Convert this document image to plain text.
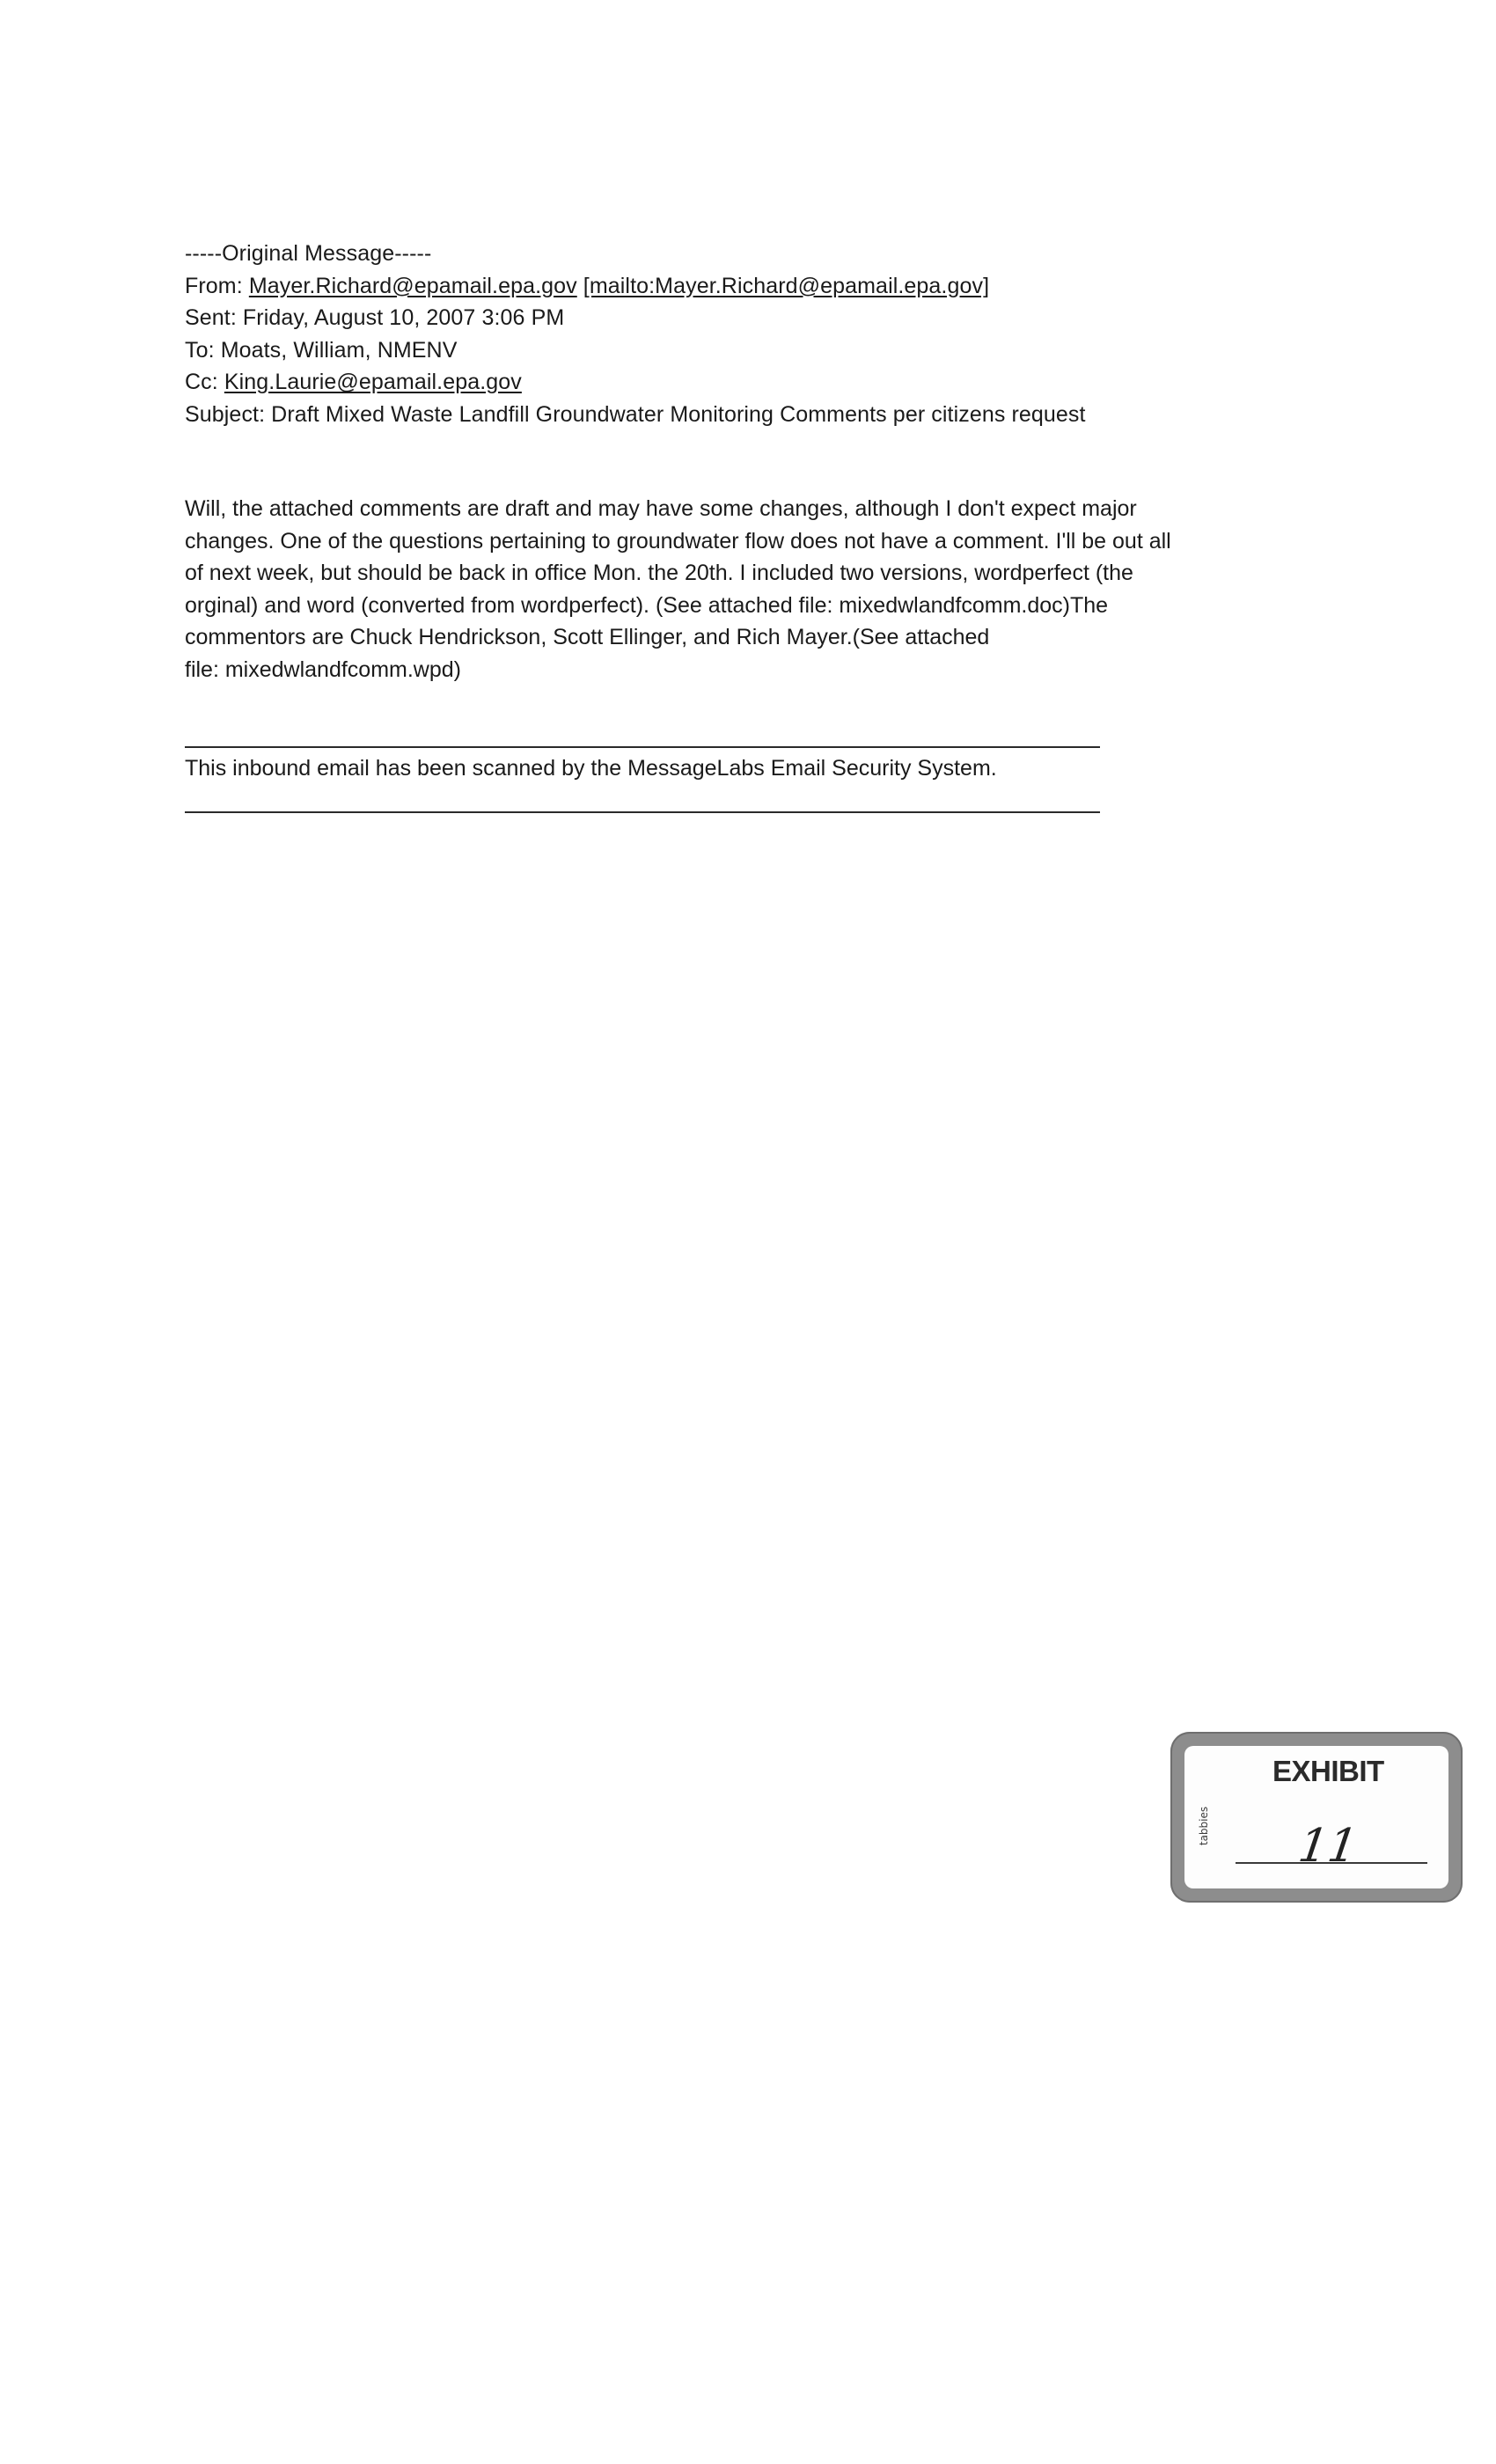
-----Original Message-----
From: Mayer.Richard@epamail.epa.gov [mailto:Mayer.Richard@epamail.epa.gov]
Sent: Friday, August 10, 2007 3:06 PM
To: Moats, William, NMENV
Cc: King.Laurie@epamail.epa.gov
Subject: Draft Mixed Waste Landfill Groundwater Monitoring Comments per citizens request
Will, the attached comments are draft and may have some changes, although I don't expect major
changes. One of the questions pertaining to groundwater flow does not have a comment. I'll be out all
of next week, but should be back in office Mon. the 20th. I included two versions, wordperfect (the
orginal) and word (converted from wordperfect). (See attached file: mixedwlandfcomm.doc)The
commentors are Chuck Hendrickson, Scott Ellinger, and Rich Mayer.(See attached
file: mixedwlandfcomm.wpd)
This inbound email has been scanned by the MessageLabs Email Security System.
EXHIBIT
tabbies 11
